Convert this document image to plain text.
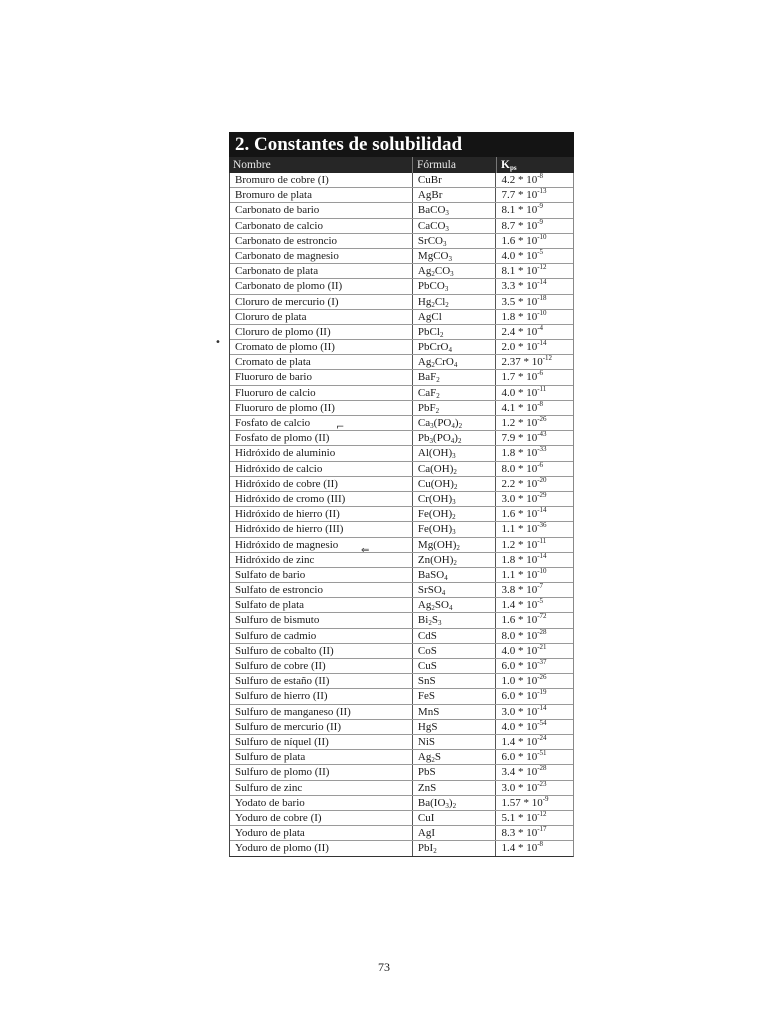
2. Constantes de solubilidad
Nombre	Fórmula	$K_{ps}$
Bromuro de cobre (I)	CuBr	$4.2 * 10^{-8}$
Bromuro de plata	AgBr	$7.7 * 10^{-13}$
Carbonato de bario	BaCO$_3$	$8.1 * 10^{-9}$
Carbonato de calcio	CaCO$_3$	$8.7 * 10^{-9}$
Carbonato de estroncio	SrCO$_3$	$1.6 * 10^{-10}$
Carbonato de magnesio	MgCO$_3$	$4.0 * 10^{-5}$
Carbonato de plata	$Ag_2CO_3$	$8.1 * 10^{-12}$
Carbonato de plomo (II)	PbCO$_3$	$3.3 * 10^{-14}$
Cloruro de mercurio (I)	$Hg_2Cl_2$	$3.5 * 10^{-18}$
Cloruro de plata	AgCl	$1.8 * 10^{-10}$
Cloruro de plomo (II)	PbCl$_2$	$2.4 * 10^{-4}$
Cromato de plomo (II)	PbCrO$_4$	$2.0 * 10^{-14}$
Cromato de plata	$Ag_2CrO_4$	$2.37 * 10^{-12}$
Fluoruro de bario	BaF$_2$	$1.7 * 10^{-6}$
Fluoruro de calcio	CaF$_2$	$4.0 * 10^{-11}$
Fluoruro de plomo (II)	PbF$_2$	$4.1 * 10^{-8}$
Fosfato de calcio	$Ca_3(PO_4)_2$	$1.2 * 10^{-26}$
Fosfato de plomo (II)	$Pb_3(PO_4)_2$	$7.9 * 10^{-43}$
Hidróxido de aluminio	$Al(OH)_3$	$1.8 * 10^{-33}$
Hidróxido de calcio	$Ca(OH)_2$	$8.0 * 10^{-6}$
Hidróxido de cobre (II)	$Cu(OH)_2$	$2.2 * 10^{-20}$
Hidróxido de cromo (III)	$Cr(OH)_3$	$3.0 * 10^{-29}$
Hidróxido de hierro (II)	$Fe(OH)_2$	$1.6 * 10^{-14}$
Hidróxido de hierro (III)	$Fe(OH)_3$	$1.1 * 10^{-36}$
Hidróxido de magnesio	$Mg(OH)_2$	$1.2 * 10^{-11}$
Hidróxido de zinc	$Zn(OH)_2$	$1.8 * 10^{-14}$
Sulfato de bario	BaSO$_4$	$1.1 * 10^{-10}$
Sulfato de estroncio	SrSO$_4$	$3.8 * 10^{-7}$
Sulfato de plata	$Ag_2SO_4$	$1.4 * 10^{-5}$
Sulfuro de bismuto	$Bi_2S_3$	$1.6 * 10^{-72}$
Sulfuro de cadmio	CdS	$8.0 * 10^{-28}$
Sulfuro de cobalto (II)	CoS	$4.0 * 10^{-21}$
Sulfuro de cobre (II)	CuS	$6.0 * 10^{-37}$
Sulfuro de estaño (II)	SnS	$1.0 * 10^{-26}$
Sulfuro de hierro (II)	FeS	$6.0 * 10^{-19}$
Sulfuro de manganeso (II)	MnS	$3.0 * 10^{-14}$
Sulfuro de mercurio (II)	HgS	$4.0 * 10^{-54}$
Sulfuro de níquel (II)	NiS	$1.4 * 10^{-24}$
Sulfuro de plata	$Ag_2S$	$6.0 * 10^{-51}$
Sulfuro de plomo (II)	PbS	$3.4 * 10^{-28}$
Sulfuro de zinc	ZnS	$3.0 * 10^{-23}$
Yodato de bario	$Ba(IO_3)_2$	$1.57 * 10^{-9}$
Yoduro de cobre (I)	CuI	$5.1 * 10^{-12}$
Yoduro de plata	AgI	$8.3 * 10^{-17}$
Yoduro de plomo (II)	PbI$_2$	$1.4 * 10^{-8}$
73
•
⇐
⌐
